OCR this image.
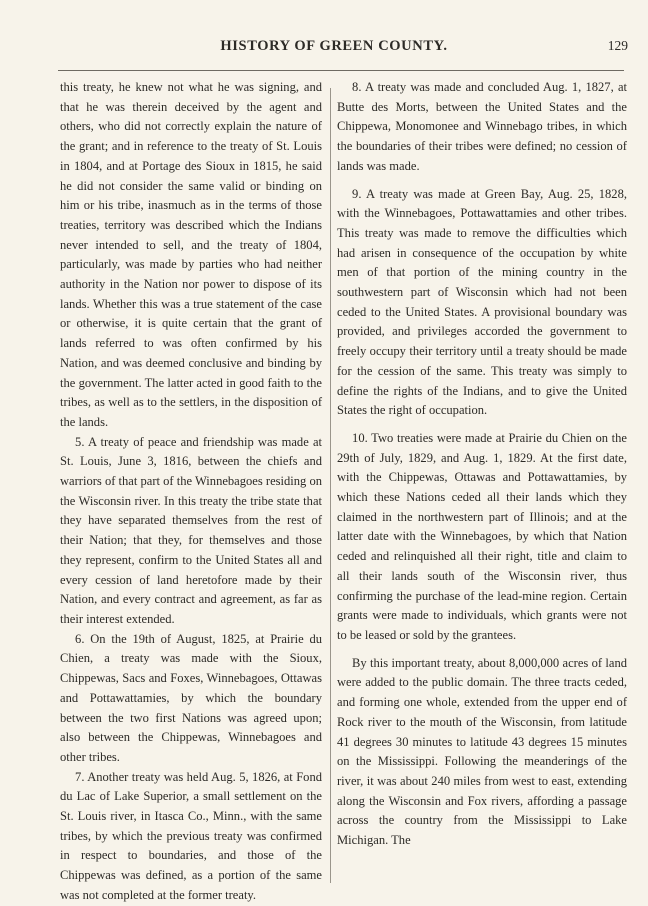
HISTORY OF GREEN COUNTY.	129

this treaty, he knew not what he was signing, and that he was therein deceived by the agent and others, who did not correctly explain the nature of the grant; and in reference to the treaty of St. Louis in 1804, and at Portage des Sioux in 1815, he said he did not consider the same valid or binding on him or his tribe, inasmuch as in the terms of those treaties, territory was described which the Indians never intended to sell, and the treaty of 1804, particularly, was made by parties who had neither authority in the Nation nor power to dispose of its lands. Whether this was a true statement of the case or otherwise, it is quite certain that the grant of lands referred to was often confirmed by his Nation, and was deemed conclusive and binding by the government. The latter acted in good faith to the tribes, as well as to the settlers, in the disposition of the lands.

5. A treaty of peace and friendship was made at St. Louis, June 3, 1816, between the chiefs and warriors of that part of the Winnebagoes residing on the Wisconsin river. In this treaty the tribe state that they have separated themselves from the rest of their Nation; that they, for themselves and those they represent, confirm to the United States all and every cession of land heretofore made by their Nation, and every contract and agreement, as far as their interest extended.

6. On the 19th of August, 1825, at Prairie du Chien, a treaty was made with the Sioux, Chippewas, Sacs and Foxes, Winnebagoes, Ottawas and Pottawattamies, by which the boundary between the two first Nations was agreed upon; also between the Chippewas, Winnebagoes and other tribes.

7. Another treaty was held Aug. 5, 1826, at Fond du Lac of Lake Superior, a small settlement on the St. Louis river, in Itasca Co., Minn., with the same tribes, by which the previous treaty was confirmed in respect to boundaries, and those of the Chippewas was defined, as a portion of the same was not completed at the former treaty.

8. A treaty was made and concluded Aug. 1, 1827, at Butte des Morts, between the United States and the Chippewa, Monomonee and Winnebago tribes, in which the boundaries of their tribes were defined; no cession of lands was made.

9. A treaty was made at Green Bay, Aug. 25, 1828, with the Winnebagoes, Pottawattamies and other tribes. This treaty was made to remove the difficulties which had arisen in consequence of the occupation by white men of that portion of the mining country in the southwestern part of Wisconsin which had not been ceded to the United States. A provisional boundary was provided, and privileges accorded the government to freely occupy their territory until a treaty should be made for the cession of the same. This treaty was simply to define the rights of the Indians, and to give the United States the right of occupation.

10. Two treaties were made at Prairie du Chien on the 29th of July, 1829, and Aug. 1, 1829. At the first date, with the Chippewas, Ottawas and Pottawattamies, by which these Nations ceded all their lands which they claimed in the northwestern part of Illinois; and at the latter date with the Winnebagoes, by which that Nation ceded and relinquished all their right, title and claim to all their lands south of the Wisconsin river, thus confirming the purchase of the lead-mine region. Certain grants were made to individuals, which grants were not to be leased or sold by the grantees.

By this important treaty, about 8,000,000 acres of land were added to the public domain. The three tracts ceded, and forming one whole, extended from the upper end of Rock river to the mouth of the Wisconsin, from latitude 41 degrees 30 minutes to latitude 43 degrees 15 minutes on the Mississippi. Following the meanderings of the river, it was about 240 miles from west to east, extending along the Wisconsin and Fox rivers, affording a passage across the country from the Mississippi to Lake Michigan. The
